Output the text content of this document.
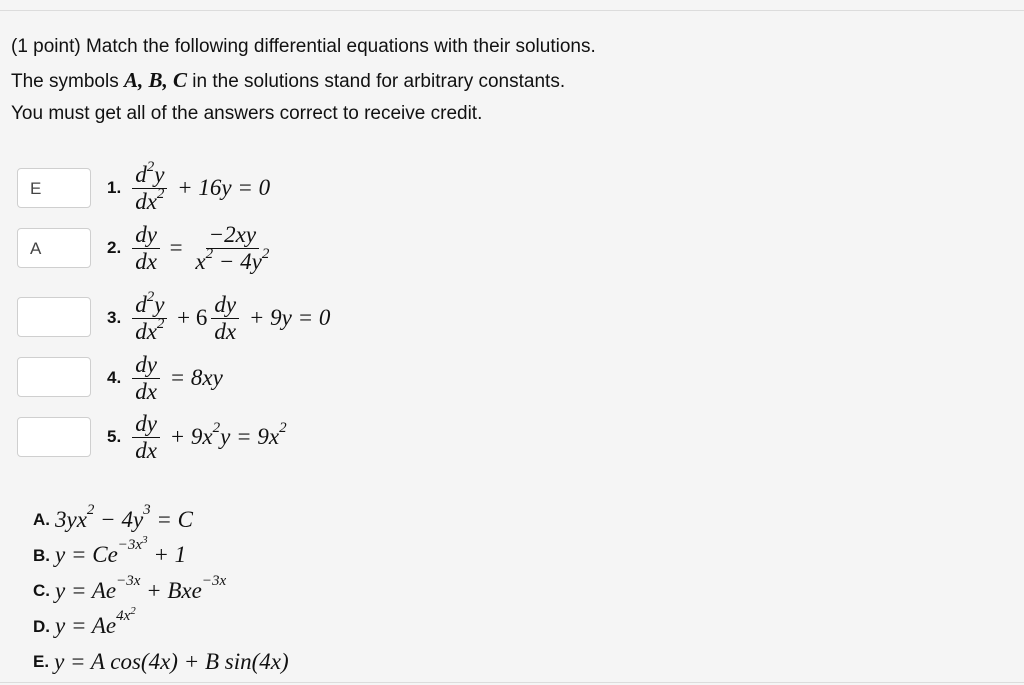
(1 point) Match the following differential equations with their solutions.
The symbols A, B, C in the solutions stand for arbitrary constants.
You must get all of the answers correct to receive credit.
E
A
1. $\frac{d2y}{dx2} + 16y = 0$
2. $\frac{dy}{dx} = \frac{-2xy}{x2 - 4y2}$
3. $\frac{d2y}{dx2} + 6 \frac{dy}{dx} + 9y = 0$
4. $\frac{dy}{dx} = 8xy$
5. $\frac{dy}{dx} + 9x2y = 9x2$
A. 3yx 2 − 4y 3 = C
B. y = Ce −3x3
+ 1
C. y = Ae −3x + Bxe −3x
D. y = Ae 4x2
E. y = A cos(4x) + B sin(4x)
